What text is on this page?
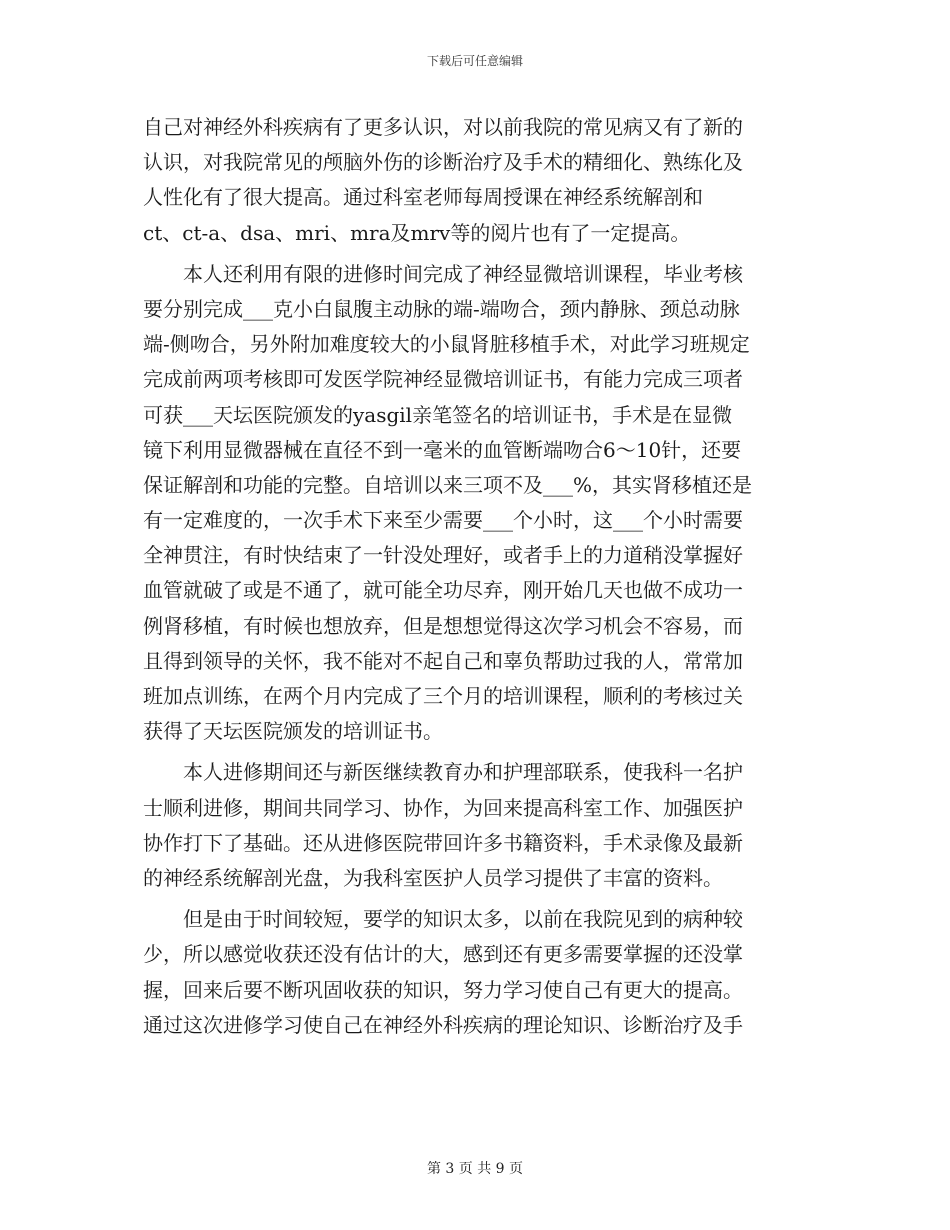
下载后可任意编辑
自己对神经外科疾病有了更多认识，对以前我院的常见病又有了新的
认识，对我院常见的颅脑外伤的诊断治疗及手术的精细化、熟练化及
人性化有了很大提高。通过科室老师每周授课在神经系统解剖和
ct、ct-a、dsa、mri、mra及mrv等的阅片也有了一定提高。
　　本人还利用有限的进修时间完成了神经显微培训课程，毕业考核
要分别完成___克小白鼠腹主动脉的端-端吻合，颈内静脉、颈总动脉
端-侧吻合，另外附加难度较大的小鼠肾脏移植手术，对此学习班规定
完成前两项考核即可发医学院神经显微培训证书，有能力完成三项者
可获___天坛医院颁发的yasgil亲笔签名的培训证书，手术是在显微
镜下利用显微器械在直径不到一毫米的血管断端吻合6～10针，还要
保证解剖和功能的完整。自培训以来三项不及___%，其实肾移植还是
有一定难度的，一次手术下来至少需要___个小时，这___个小时需要
全神贯注，有时快结束了一针没处理好，或者手上的力道稍没掌握好
血管就破了或是不通了，就可能全功尽弃，刚开始几天也做不成功一
例肾移植，有时候也想放弃，但是想想觉得这次学习机会不容易，而
且得到领导的关怀，我不能对不起自己和辜负帮助过我的人，常常加
班加点训练，在两个月内完成了三个月的培训课程，顺利的考核过关
获得了天坛医院颁发的培训证书。
　　本人进修期间还与新医继续教育办和护理部联系，使我科一名护
士顺利进修，期间共同学习、协作，为回来提高科室工作、加强医护
协作打下了基础。还从进修医院带回许多书籍资料，手术录像及最新
的神经系统解剖光盘，为我科室医护人员学习提供了丰富的资料。
　　但是由于时间较短，要学的知识太多，以前在我院见到的病种较
少，所以感觉收获还没有估计的大，感到还有更多需要掌握的还没掌
握，回来后要不断巩固收获的知识，努力学习使自己有更大的提高。
通过这次进修学习使自己在神经外科疾病的理论知识、诊断治疗及手
第 3 页 共 9 页
